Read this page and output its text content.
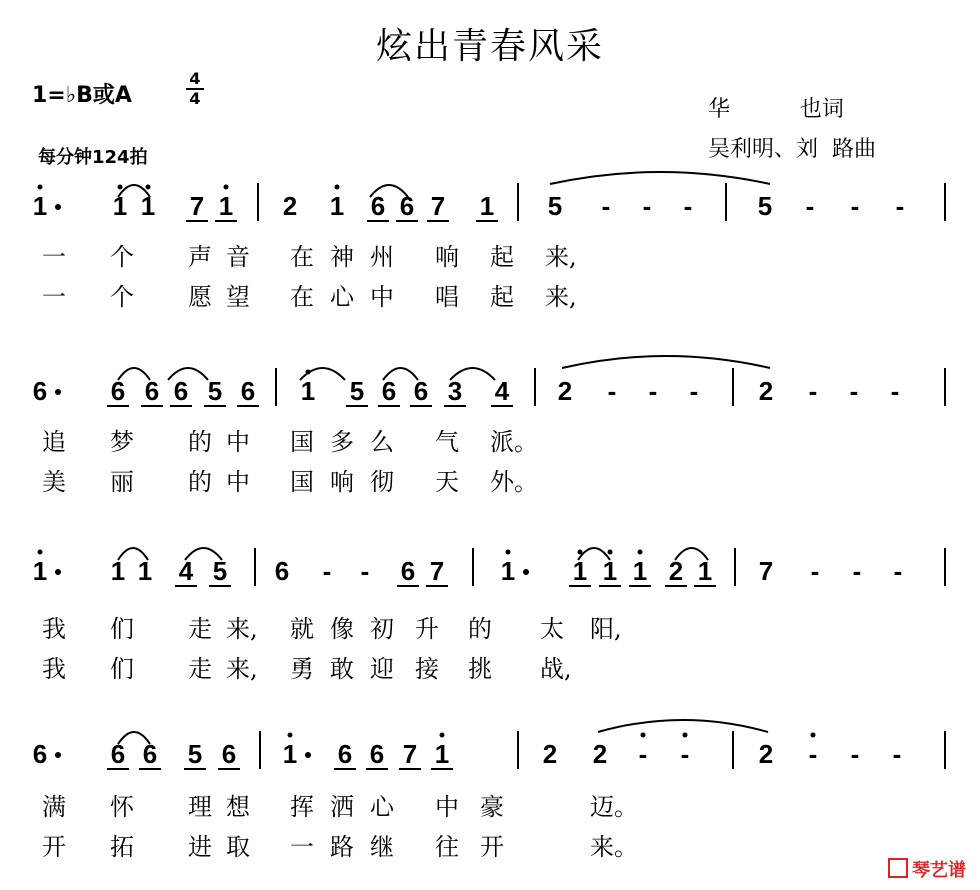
炫出青春风采
1=♭B或A
4
4
每分钟124拍
华          也词
吴利明、刘  路曲
1	1 1 7 1 2 1 6 6 7 1 5 - - -	5 - - -
一 个 声 音 在 神 州 响 起 来,
一 个 愿 望 在 心 中 唱 起 来,
6 6 6 6 5 6 1 5 6 6 3 4 2 - - - 2 - - -
追 梦 的 中 国 多 么 气 派。
美 丽 的 中 国 响 彻 天 外。
1 1 1 4 5 6 - - 6 7 1 1 1 1 2 1 7 - - -
我 们 走 来, 就 像 初 升 的 太 阳,
我 们 走 来, 勇 敢 迎 接 挑 战,
6 6 6 5 6 1 6 6 7 1	2 2 - -	2 - - -
满 怀 理 想 挥 洒 心 中 豪	迈。
开 拓 进 取 一 路 继 往 开	来。
琴艺谱
